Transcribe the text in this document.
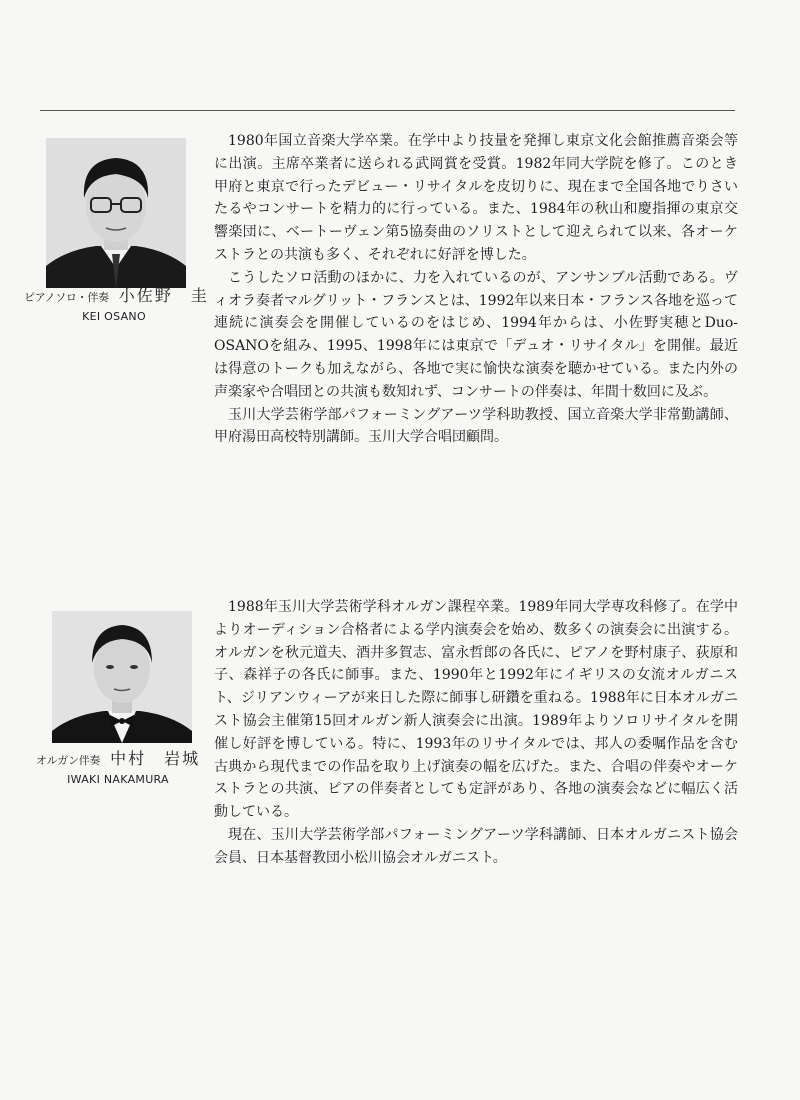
ピアノソロ・伴奏 小佐野　圭
KEI OSANO

1980年国立音楽大学卒業。在学中より技量を発揮し東京文化会館推薦音楽会等に出演。主席卒業者に送られる武岡賞を受賞。1982年同大学院を修了。このとき甲府と東京で行ったデビュー・リサイタルを皮切りに、現在まで全国各地でりさいたるやコンサートを精力的に行っている。また、1984年の秋山和慶指揮の東京交響楽団に、ベートーヴェン第5協奏曲のソリストとして迎えられて以来、各オーケストラとの共演も多く、それぞれに好評を博した。

こうしたソロ活動のほかに、力を入れているのが、アンサンブル活動である。ヴィオラ奏者マルグリット・フランスとは、1992年以来日本・フランス各地を巡って連続に演奏会を開催しているのをはじめ、1994年からは、小佐野実穂とDuo-OSANOを組み、1995、1998年には東京で「デュオ・リサイタル」を開催。最近は得意のトークも加えながら、各地で実に愉快な演奏を聴かせている。また内外の声楽家や合唱団との共演も数知れず、コンサートの伴奏は、年間十数回に及ぶ。

玉川大学芸術学部パフォーミングアーツ学科助教授、国立音楽大学非常勤講師、甲府湯田高校特別講師。玉川大学合唱団顧問。

オルガン伴奏 中村　岩城
IWAKI NAKAMURA

1988年玉川大学芸術学科オルガン課程卒業。1989年同大学専攻科修了。在学中よりオーディション合格者による学内演奏会を始め、数多くの演奏会に出演する。オルガンを秋元道夫、酒井多賀志、富永哲郎の各氏に、ピアノを野村康子、荻原和子、森祥子の各氏に師事。また、1990年と1992年にイギリスの女流オルガニスト、ジリアンウィーアが来日した際に師事し研鑽を重ねる。1988年に日本オルガニスト協会主催第15回オルガン新人演奏会に出演。1989年よりソロリサイタルを開催し好評を博している。特に、1993年のリサイタルでは、邦人の委嘱作品を含む古典から現代までの作品を取り上げ演奏の幅を広げた。また、合唱の伴奏やオーケストラとの共演、ピアの伴奏者としても定評があり、各地の演奏会などに幅広く活動している。

現在、玉川大学芸術学部パフォーミングアーツ学科講師、日本オルガニスト協会会員、日本基督教団小松川協会オルガニスト。
